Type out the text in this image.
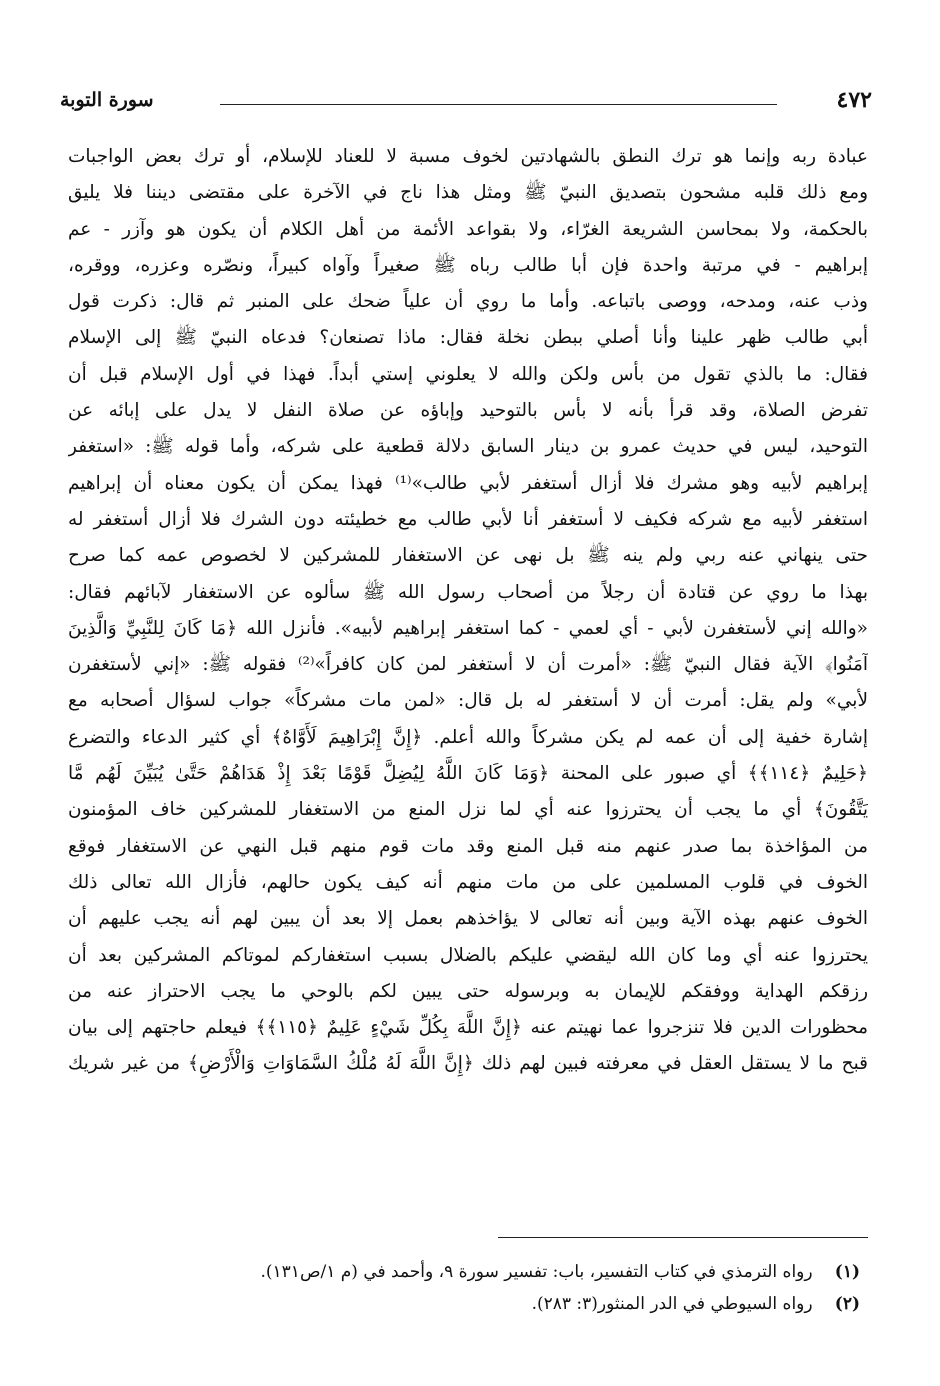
٤٧٢
سورة التوبة
عبادة ربه وإنما هو ترك النطق بالشهادتين لخوف مسبة لا للعناد للإسلام، أو ترك بعض الواجبات
ومع ذلك قلبه مشحون بتصديق النبيّ ﷺ ومثل هذا ناج في الآخرة على مقتضى ديننا فلا يليق
بالحكمة، ولا بمحاسن الشريعة الغرّاء، ولا بقواعد الأئمة من أهل الكلام أن يكون هو وآزر - عم
إبراهيم - في مرتبة واحدة فإن أبا طالب رباه ﷺ صغيراً وآواه كبيراً، ونصّره وعزره، ووقره،
وذب عنه، ومدحه، ووصى باتباعه. وأما ما روي أن علياً ضحك على المنبر ثم قال: ذكرت قول
أبي طالب ظهر علينا وأنا أصلي ببطن نخلة فقال: ماذا تصنعان؟ فدعاه النبيّ ﷺ إلى الإسلام
فقال: ما بالذي تقول من بأس ولكن والله لا يعلوني إستي أبداً. فهذا في أول الإسلام قبل أن
تفرض الصلاة، وقد قرأ بأنه لا بأس بالتوحيد وإباؤه عن صلاة النفل لا يدل على إبائه عن
التوحيد، ليس في حديث عمرو بن دينار السابق دلالة قطعية على شركه، وأما قوله ﷺ: «استغفر
إبراهيم لأبيه وهو مشرك فلا أزال أستغفر لأبي طالب»⁽¹⁾ فهذا يمكن أن يكون معناه أن إبراهيم
استغفر لأبيه مع شركه فكيف لا أستغفر أنا لأبي طالب مع خطيئته دون الشرك فلا أزال أستغفر له
حتى ينهاني عنه ربي ولم ينه ﷺ بل نهى عن الاستغفار للمشركين لا لخصوص عمه كما صرح
بهذا ما روي عن قتادة أن رجلاً من أصحاب رسول الله ﷺ سألوه عن الاستغفار لآبائهم فقال:
«والله إني لأستغفرن لأبي - أي لعمي - كما استغفر إبراهيم لأبيه». فأنزل الله ﴿مَا كَانَ لِلنَّبِيِّ وَالَّذِينَ
آمَنُوا﴾ الآية فقال النبيّ ﷺ: «أمرت أن لا أستغفر لمن كان كافراً»⁽²⁾ فقوله ﷺ: «إني لأستغفرن
لأبي» ولم يقل: أمرت أن لا أستغفر له بل قال: «لمن مات مشركاً» جواب لسؤال أصحابه مع
إشارة خفية إلى أن عمه لم يكن مشركاً والله أعلم. ﴿إِنَّ إِبْرَاهِيمَ لَأَوَّاهٌ﴾ أي كثير الدعاء والتضرع
﴿حَلِيمٌ ﴿١١٤﴾﴾ أي صبور على المحنة ﴿وَمَا كَانَ اللَّهُ لِيُضِلَّ قَوْمًا بَعْدَ إِذْ هَدَاهُمْ حَتَّىٰ يُبَيِّنَ لَهُم مَّا
يَتَّقُونَ﴾ أي ما يجب أن يحترزوا عنه أي لما نزل المنع من الاستغفار للمشركين خاف المؤمنون
من المؤاخذة بما صدر عنهم منه قبل المنع وقد مات قوم منهم قبل النهي عن الاستغفار فوقع
الخوف في قلوب المسلمين على من مات منهم أنه كيف يكون حالهم، فأزال الله تعالى ذلك
الخوف عنهم بهذه الآية وبين أنه تعالى لا يؤاخذهم بعمل إلا بعد أن يبين لهم أنه يجب عليهم أن
يحترزوا عنه أي وما كان الله ليقضي عليكم بالضلال بسبب استغفاركم لموتاكم المشركين بعد أن
رزقكم الهداية ووفقكم للإيمان به وبرسوله حتى يبين لكم بالوحي ما يجب الاحتراز عنه من
محظورات الدين فلا تنزجروا عما نهيتم عنه ﴿إِنَّ اللَّهَ بِكُلِّ شَيْءٍ عَلِيمٌ ﴿١١٥﴾﴾ فيعلم حاجتهم إلى بيان
قبح ما لا يستقل العقل في معرفته فبين لهم ذلك ﴿إِنَّ اللَّهَ لَهُ مُلْكُ السَّمَاوَاتِ وَالْأَرْضِ﴾ من غير شريك
(١) رواه الترمذي في كتاب التفسير، باب: تفسير سورة ٩، وأحمد في (م ١/ص١٣١).
(٢) رواه السيوطي في الدر المنثور(٣: ٢٨٣).
